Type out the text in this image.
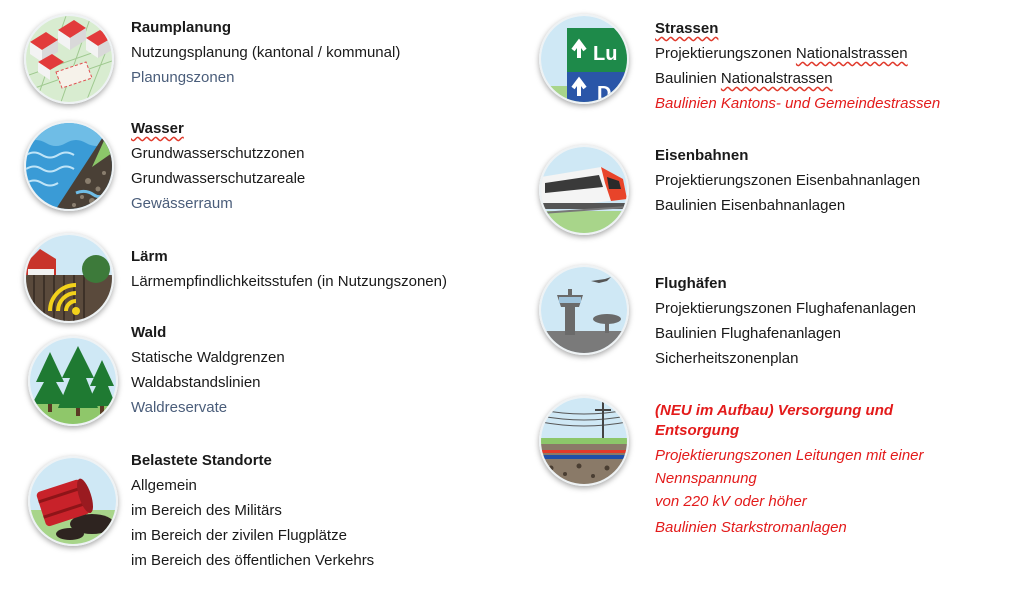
Raumplanung
Nutzungsplanung (kantonal / kommunal)
Planungszonen
Wasser
Grundwasserschutzzonen
Grundwasserschutzareale
Gewässerraum
Lärm
Lärmempfindlichkeitsstufen (in Nutzungszonen)
Wald
Statische Waldgrenzen
Waldabstandslinien
Waldreservate
Belastete Standorte
Allgemein
im Bereich des Militärs
im Bereich der zivilen Flugplätze
im Bereich des öffentlichen Verkehrs
Lu
D
Strassen
Projektierungszonen Nationalstrassen
Baulinien Nationalstrassen
Baulinien Kantons- und Gemeindestrassen
Eisenbahnen
Projektierungszonen Eisenbahnanlagen
Baulinien Eisenbahnanlagen
Flughäfen
Projektierungszonen Flughafenanlagen
Baulinien Flughafenanlagen
Sicherheitszonenplan
(NEU im Aufbau) Versorgung und Entsorgung
Projektierungszonen Leitungen mit einer
Nennspannung
von 220 kV oder höher
Baulinien Starkstromanlagen
